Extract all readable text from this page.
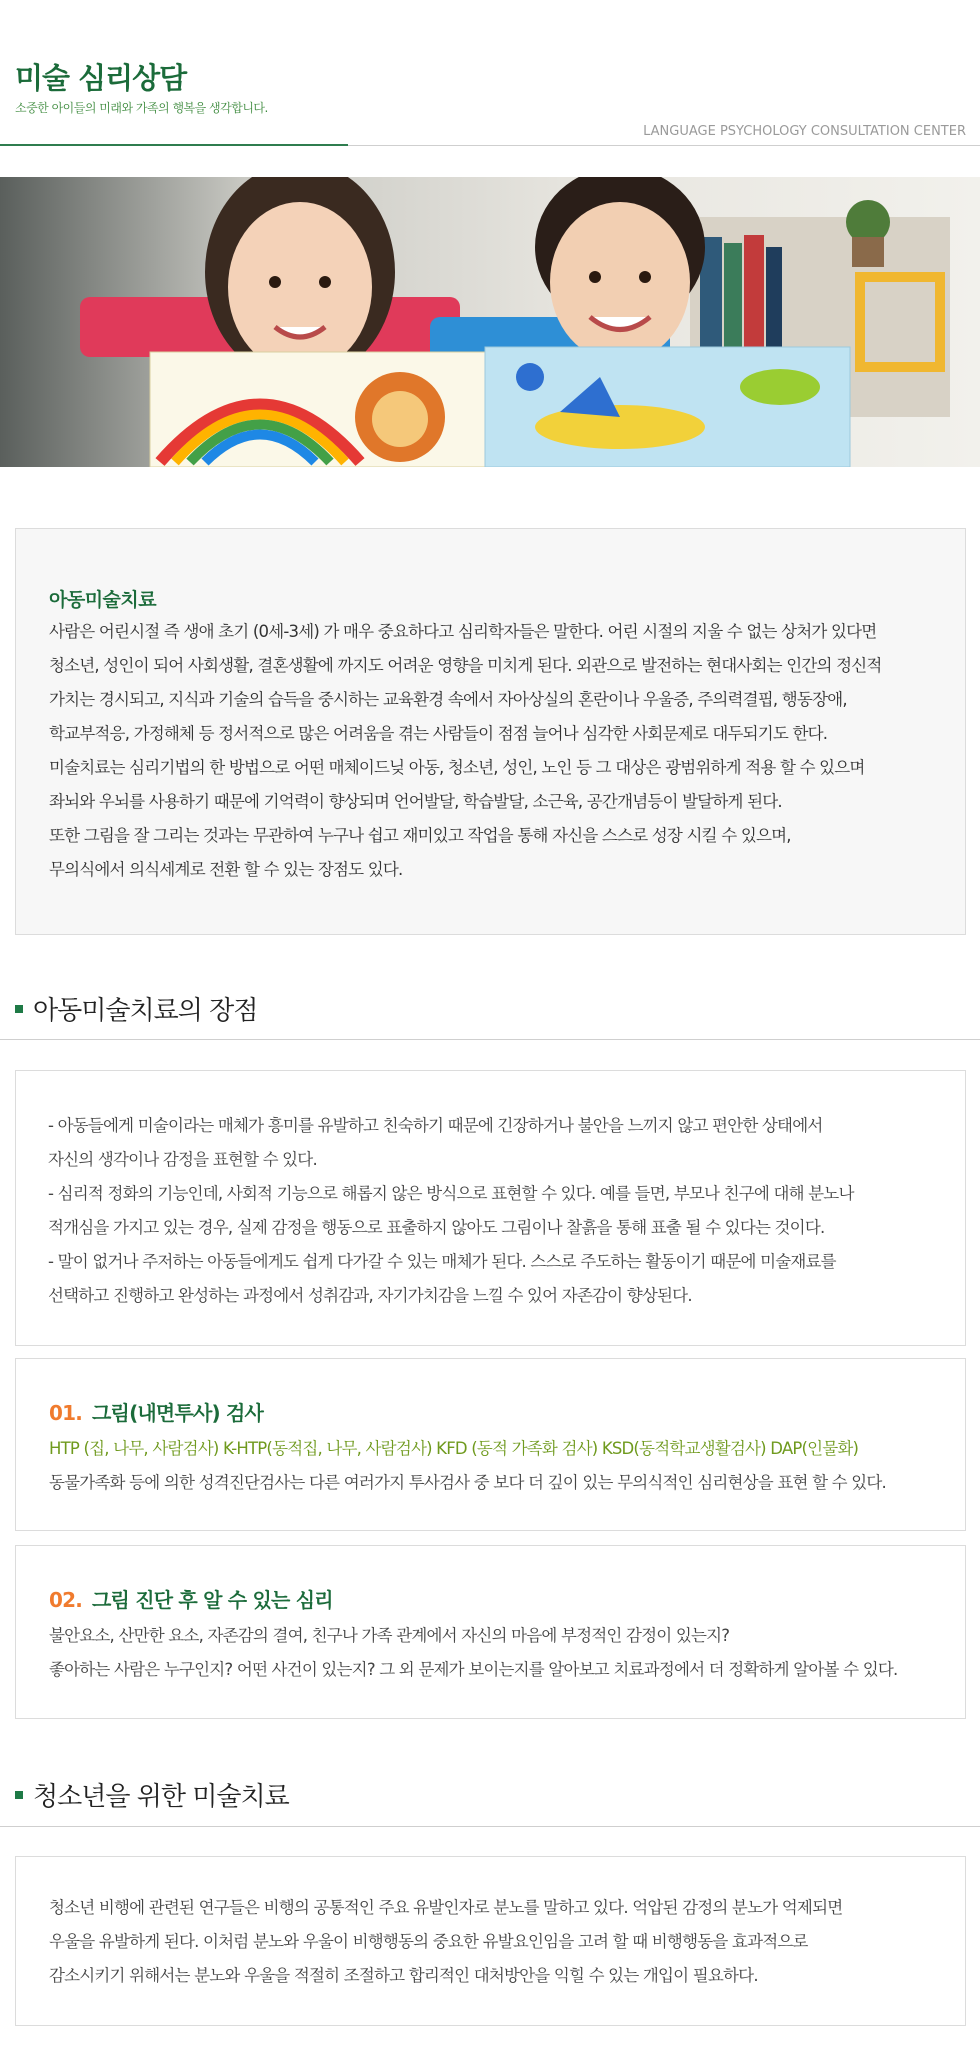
미술 심리상담
소중한 아이들의 미래와 가족의 행복을 생각합니다.
LANGUAGE PSYCHOLOGY CONSULTATION CENTER
아동미술치료

사람은 어린시절 즉 생애 초기 (0세-3세) 가 매우 중요하다고 심리학자들은 말한다. 어린 시절의 지울 수 없는 상처가 있다면

청소년, 성인이 되어 사회생활, 결혼생활에 까지도 어려운 영향을 미치게 된다. 외관으로 발전하는 현대사회는 인간의 정신적

가치는 경시되고, 지식과 기술의 습득을 중시하는 교육환경 속에서 자아상실의 혼란이나 우울증, 주의력결핍, 행동장애,

학교부적응, 가정해체 등 정서적으로 많은 어려움을 겪는 사람들이 점점 늘어나 심각한 사회문제로 대두되기도 한다.

미술치료는 심리기법의 한 방법으로 어떤 매체이드닞 아동, 청소년, 성인, 노인 등 그 대상은 광범위하게 적용 할 수 있으며

좌뇌와 우뇌를 사용하기 때문에 기억력이 향상되며 언어발달, 학습발달, 소근육, 공간개념등이 발달하게 된다.

또한 그림을 잘 그리는 것과는 무관하여 누구나 쉽고 재미있고 작업을 통해 자신을 스스로 성장 시킬 수 있으며,

무의식에서 의식세계로 전환 할 수 있는 장점도 있다.

아동미술치료의 장점

- 아동들에게 미술이라는 매체가 흥미를 유발하고 친숙하기 때문에 긴장하거나 불안을 느끼지 않고 편안한 상태에서

자신의 생각이나 감정을 표현할 수 있다.

- 심리적 정화의 기능인데, 사회적 기능으로 해롭지 않은 방식으로 표현할 수 있다. 예를 들면, 부모나 친구에 대해 분노나

적개심을 가지고 있는 경우, 실제 감정을 행동으로 표출하지 않아도 그림이나 찰흙을 통해 표출 될 수 있다는 것이다.

- 말이 없거나 주저하는 아동들에게도 쉽게 다가갈 수 있는 매체가 된다. 스스로 주도하는 활동이기 때문에 미술재료를

선택하고 진행하고 완성하는 과정에서 성취감과, 자기가치감을 느낄 수 있어 자존감이 향상된다.

01. 그림(내면투사) 검사
HTP (집, 나무, 사람검사) K-HTP(동적집, 나무, 사람검사) KFD (동적 가족화 검사) KSD(동적학교생활검사) DAP(인물화)
동물가족화 등에 의한 성격진단검사는 다른 여러가지 투사검사 중 보다 더 깊이 있는 무의식적인 심리현상을 표현 할 수 있다.
02. 그림 진단 후 알 수 있는 심리
불안요소, 산만한 요소, 자존감의 결여, 친구나 가족 관계에서 자신의 마음에 부정적인 감정이 있는지?
좋아하는 사람은 누구인지? 어떤 사건이 있는지? 그 외 문제가 보이는지를 알아보고 치료과정에서 더 정확하게 알아볼 수 있다.
청소년을 위한 미술치료

청소년 비행에 관련된 연구들은 비행의 공통적인 주요 유발인자로 분노를 말하고 있다. 억압된 감정의 분노가 억제되면

우울을 유발하게 된다. 이처럼 분노와 우울이 비행행동의 중요한 유발요인임을 고려 할 때 비행행동을 효과적으로

감소시키기 위해서는 분노와 우울을 적절히 조절하고 합리적인 대처방안을 익힐 수 있는 개입이 필요하다.
